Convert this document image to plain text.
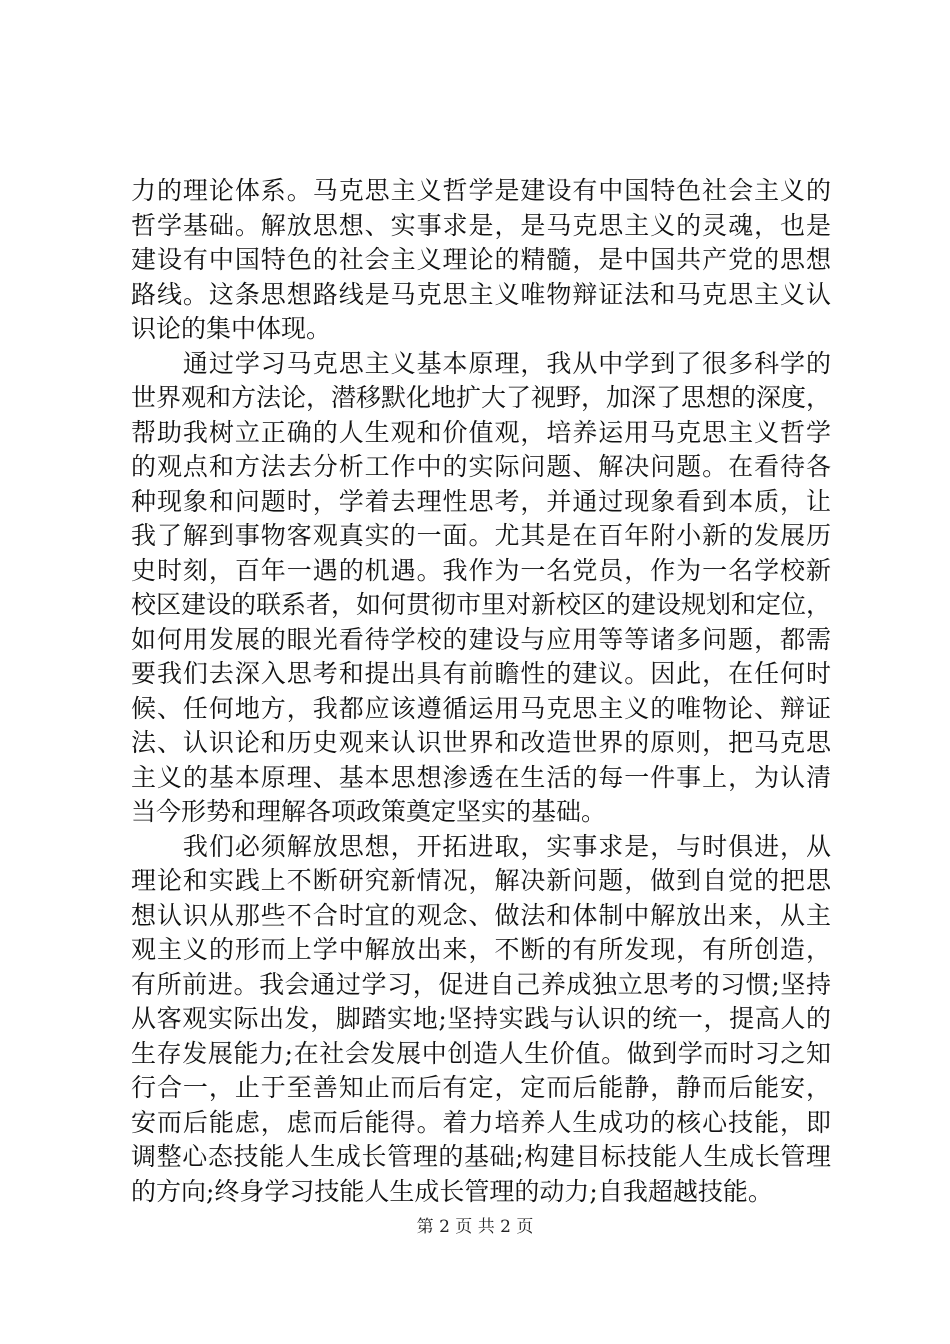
力的理论体系。马克思主义哲学是建设有中国特色社会主义的
哲学基础。解放思想、实事求是，是马克思主义的灵魂，也是
建设有中国特色的社会主义理论的精髓，是中国共产党的思想
路线。这条思想路线是马克思主义唯物辩证法和马克思主义认
识论的集中体现。
　　通过学习马克思主义基本原理，我从中学到了很多科学的
世界观和方法论，潜移默化地扩大了视野，加深了思想的深度，
帮助我树立正确的人生观和价值观，培养运用马克思主义哲学
的观点和方法去分析工作中的实际问题、解决问题。在看待各
种现象和问题时，学着去理性思考，并通过现象看到本质，让
我了解到事物客观真实的一面。尤其是在百年附小新的发展历
史时刻，百年一遇的机遇。我作为一名党员，作为一名学校新
校区建设的联系者，如何贯彻市里对新校区的建设规划和定位，
如何用发展的眼光看待学校的建设与应用等等诸多问题，都需
要我们去深入思考和提出具有前瞻性的建议。因此，在任何时
候、任何地方，我都应该遵循运用马克思主义的唯物论、辩证
法、认识论和历史观来认识世界和改造世界的原则，把马克思
主义的基本原理、基本思想渗透在生活的每一件事上，为认清
当今形势和理解各项政策奠定坚实的基础。
　　我们必须解放思想，开拓进取，实事求是，与时俱进，从
理论和实践上不断研究新情况，解决新问题，做到自觉的把思
想认识从那些不合时宜的观念、做法和体制中解放出来，从主
观主义的形而上学中解放出来，不断的有所发现，有所创造，
有所前进。我会通过学习，促进自己养成独立思考的习惯;坚持
从客观实际出发，脚踏实地;坚持实践与认识的统一，提高人的
生存发展能力;在社会发展中创造人生价值。做到学而时习之知
行合一，止于至善知止而后有定，定而后能静，静而后能安，
安而后能虑，虑而后能得。着力培养人生成功的核心技能，即
调整心态技能人生成长管理的基础;构建目标技能人生成长管理
的方向;终身学习技能人生成长管理的动力;自我超越技能。
第 2 页 共 2 页
